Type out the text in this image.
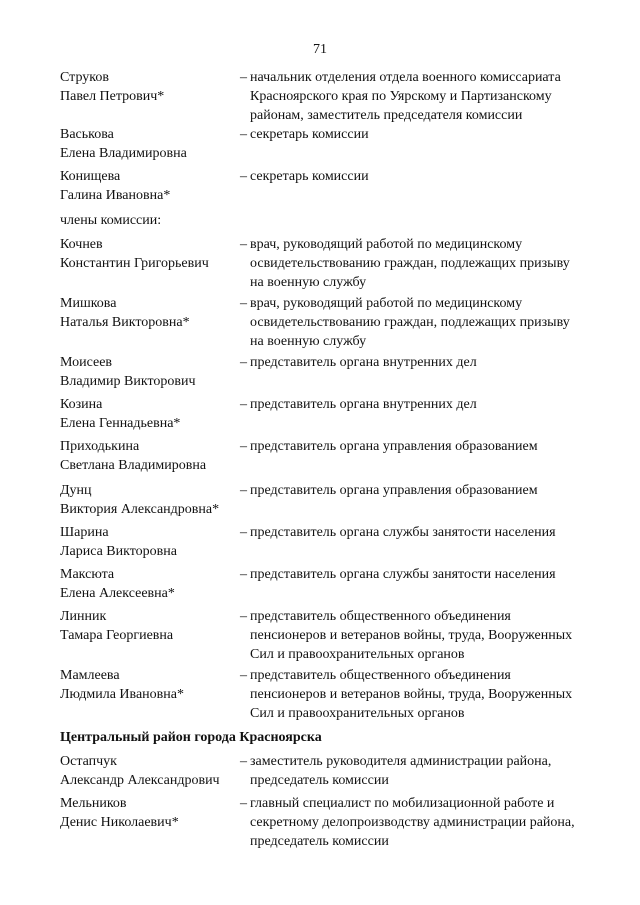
71
Струков
Павел Петрович*
– начальник отделения отдела военного комиссариата
Красноярского края по Уярскому и Партизанскому
районам, заместитель председателя комиссии
Васькова
Елена Владимировна
– секретарь комиссии
Конищева
Галина Ивановна*
– секретарь комиссии
члены комиссии:
Кочнев
Константин Григорьевич
– врач, руководящий работой по медицинскому
освидетельствованию граждан, подлежащих призыву
на военную службу
Мишкова
Наталья Викторовна*
– врач, руководящий работой по медицинскому
освидетельствованию граждан, подлежащих призыву
на военную службу
Моисеев
Владимир Викторович
– представитель органа внутренних дел
Козина
Елена Геннадьевна*
– представитель органа внутренних дел
Приходькина
Светлана Владимировна
– представитель органа управления образованием
Дунц
Виктория Александровна*
– представитель органа управления образованием
Шарина
Лариса Викторовна
– представитель органа службы занятости населения
Максюта
Елена Алексеевна*
– представитель органа службы занятости населения
Линник
Тамара Георгиевна
– представитель общественного объединения
пенсионеров и ветеранов войны, труда, Вооруженных
Сил и правоохранительных органов
Мамлеева
Людмила Ивановна*
– представитель общественного объединения
пенсионеров и ветеранов войны, труда, Вооруженных
Сил и правоохранительных органов
Центральный район города Красноярска
Остапчук
Александр Александрович
– заместитель руководителя администрации района,
председатель комиссии
Мельников
Денис Николаевич*
– главный специалист по мобилизационной работе и
секретному делопроизводству администрации района,
председатель комиссии
